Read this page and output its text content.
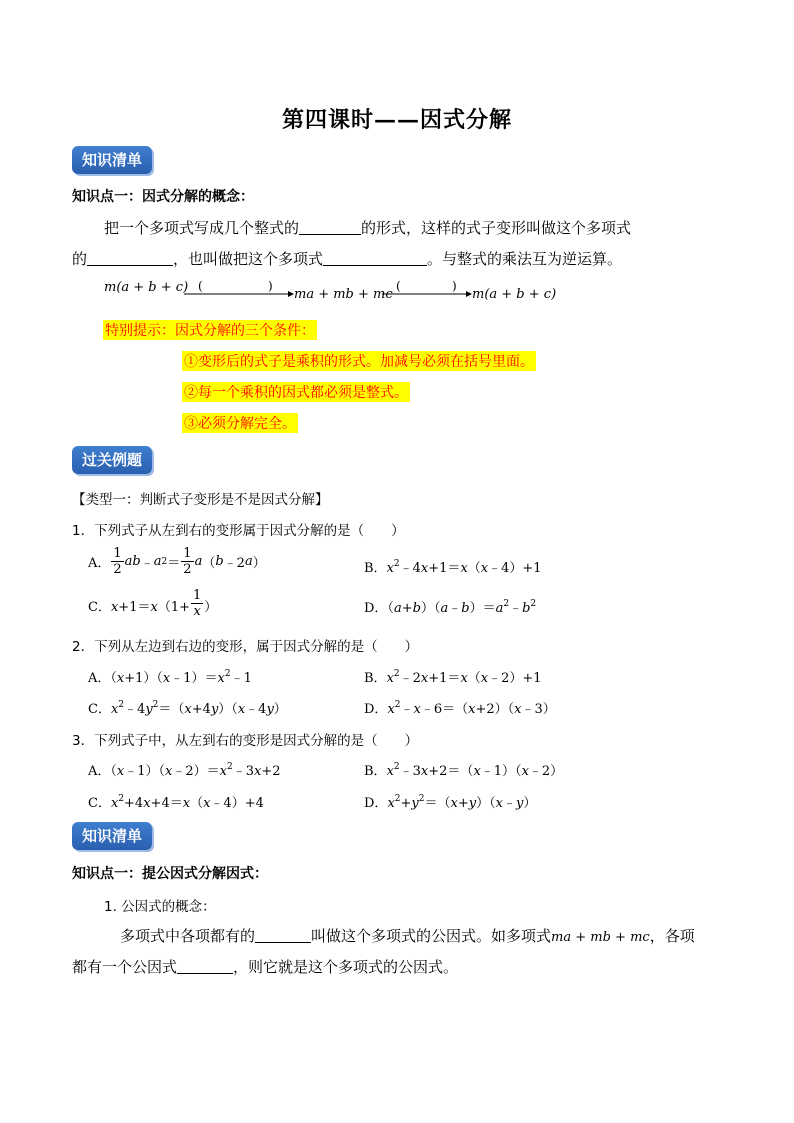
第四课时——因式分解
知识清单
知识点一：因式分解的概念：
把一个多项式写成几个整式的	的形式，这样的式子变形叫做这个多项式
的	，也叫做把这个多项式	。与整式的乘法互为逆运算。
m(a + b + c) (	)
ma + mb + mc
(	)
m(a + b + c)
特别提示：因式分解的三个条件：
①变形后的式子是乘积的形式。加减号必须在括号里面。
②每一个乘积的因式都必须是整式。
③必须分解完全。
过关例题
【类型一：判断式子变形是不是因式分解】
1．下列式子从左到右的变形属于因式分解的是（　　）
A． $\frac{1}{2}$ ab ﹣ a $2 = \frac{1}{2}$ a （ b ﹣2 a ）	B．$x^2﹣4x+1=x(x﹣4)+1$
C．$x+1=x(1+ \frac{1}{x}$ ）	D．$(a+b)(a﹣b)=a^2﹣b^2$
2．下列从左边到右边的变形，属于因式分解的是（　　）
A．$(x+1)(x﹣1)=x^2﹣1$	B．$x^2﹣2x+1=x(x﹣2)+1$
C．$x^2﹣4y^2=(x+4y)(x﹣4y)$	D．$x^2﹣x﹣6=(x+2)(x﹣3)$
3．下列式子中，从左到右的变形是因式分解的是（　　）
A．$(x﹣1)(x﹣2)=x^2﹣3x+2$	B．$x^2﹣3x+2=(x﹣1)(x﹣2)$
C．$x^2+4x+4=x(x﹣4)+4$	D．$x^2+y^2=(x+y)(x﹣y)$
知识清单
知识点一：提公因式分解因式：
1. 公因式的概念：
多项式中各项都有的	叫做这个多项式的公因式。如多项式ma + mb + mc，各项
都有一个公因式	，则它就是这个多项式的公因式。
